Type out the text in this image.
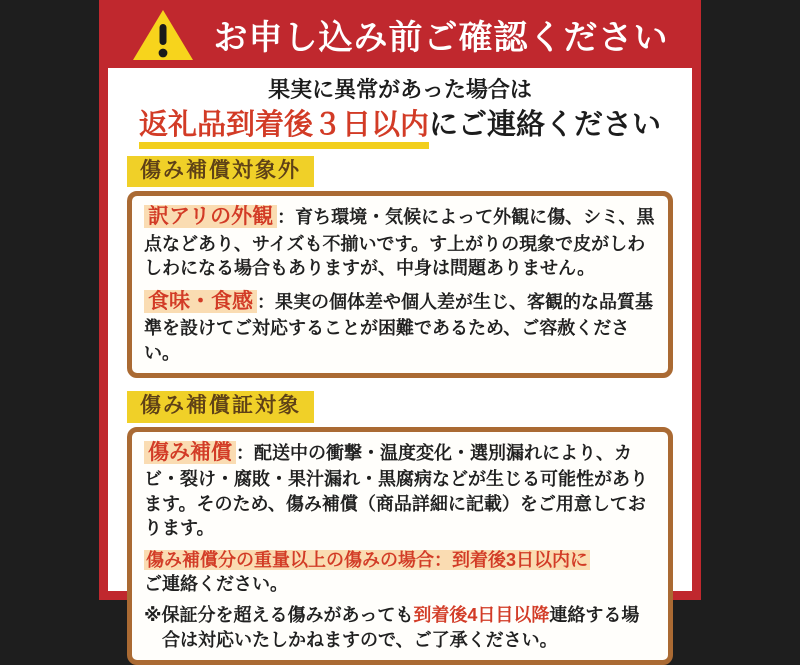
お申し込み前ご確認ください
果実に異常があった場合は
返礼品到着後３日以内にご連絡ください
傷み補償対象外

訳アリの外観 ：育ち環境・気候によって外観に傷、シミ、黒点などあり、サイズも不揃いです。す上がりの現象で皮がしわしわになる場合もありますが、中身は問題ありません。

食味・食感 ：果実の個体差や個人差が生じ、客観的な品質基準を設けてご対応することが困難であるため、ご容赦ください。

傷み補償証対象

傷み補償 ：配送中の衝撃・温度変化・選別漏れにより、カビ・裂け・腐敗・果汁漏れ・黒腐病などが生じる可能性があります。そのため、傷み補償（商品詳細に記載）をご用意しております。

傷み補償分の重量以上の傷みの場合：到着後3日以内に
ご連絡ください。

※保証分を超える傷みがあっても到着後4日目以降連絡する場合は対応いたしかねますので、ご了承ください。
